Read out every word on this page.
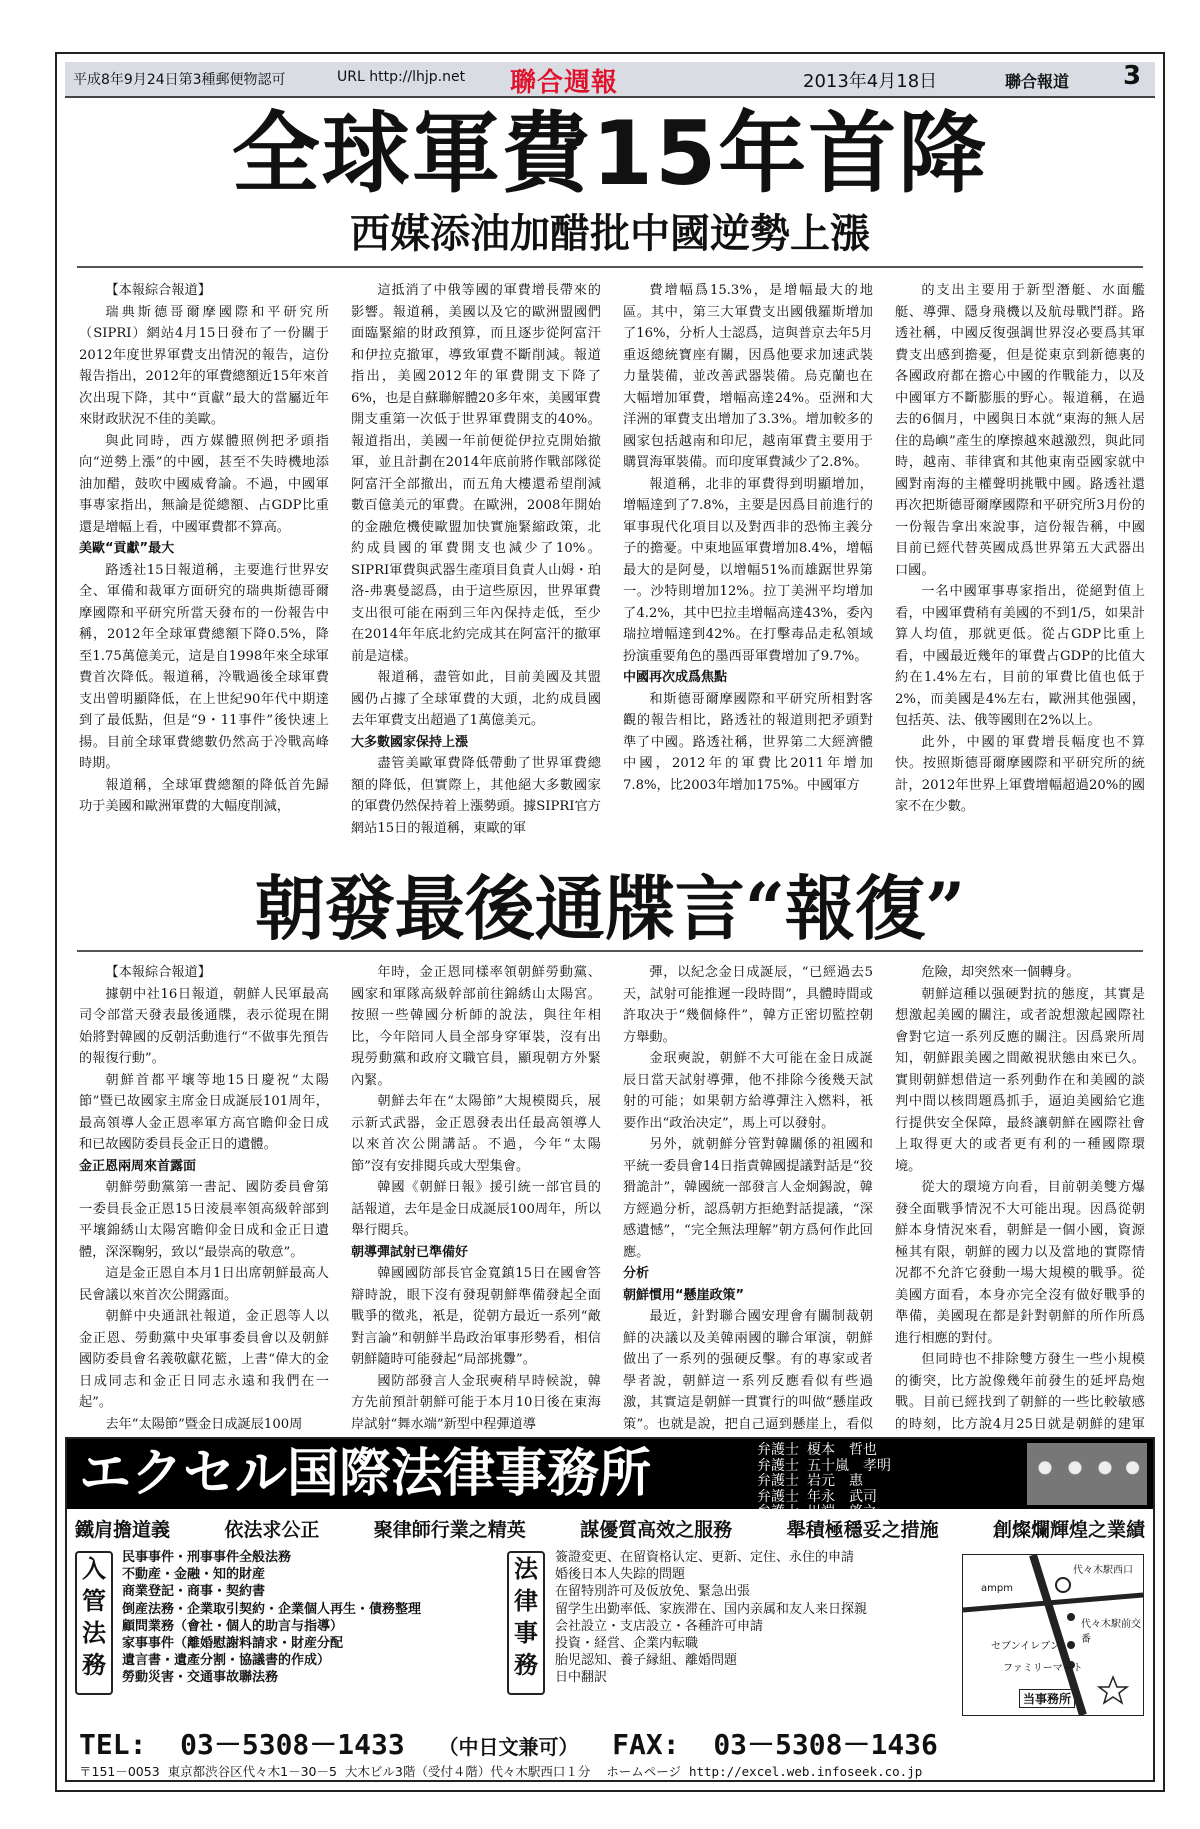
平成8年9月24日第3種郵便物認可	URL http://lhjp.net 聯合週報	2013年4月18日	聯合報道 3
全球軍費15年首降
西媒添油加醋批中國逆勢上漲
【本報綜合報道】
瑞典斯德哥爾摩國際和平研究所（SIPRI）網站4月15日發布了一份關于2012年度世界軍費支出情況的報告，這份報告指出，2012年的軍費總額近15年來首次出現下降，其中“貢獻”最大的當屬近年來財政狀況不佳的美歐。
與此同時，西方媒體照例把矛頭指向“逆勢上漲”的中國，甚至不失時機地添油加醋，鼓吹中國威脅論。不過，中國軍事專家指出，無論是從總額、占GDP比重還是增幅上看，中國軍費都不算高。
美歐“貢獻”最大
路透社15日報道稱，主要進行世界安全、軍備和裁軍方面研究的瑞典斯德哥爾摩國際和平研究所當天發布的一份報告中稱，2012年全球軍費總額下降0.5%，降至1.75萬億美元，這是自1998年來全球軍費首次降低。報道稱，冷戰過後全球軍費支出曾明顯降低，在上世紀90年代中期達到了最低點，但是“9・11事件”後快速上揚。目前全球軍費總數仍然高于冷戰高峰時期。
報道稱，全球軍費總額的降低首先歸功于美國和歐洲軍費的大幅度削減，
這抵消了中俄等國的軍費增長帶來的影響。報道稱，美國以及它的歐洲盟國們面臨緊縮的財政預算，而且逐步從阿富汗和伊拉克撤軍，導致軍費不斷削減。報道指出，美國2012年的軍費開支下降了6%，也是自蘇聯解體20多年來，美國軍費開支重第一次低于世界軍費開支的40%。報道指出，美國一年前便從伊拉克開始撤軍，並且計劃在2014年底前將作戰部隊從阿富汗全部撤出，而五角大樓還希望削減數百億美元的軍費。在歐洲，2008年開始的金融危機使歐盟加快實施緊縮政策，北約成員國的軍費開支也減少了10%。SIPRI軍費與武器生產項目負責人山姆・珀洛-弗裏曼認爲，由于這些原因，世界軍費支出很可能在兩到三年內保持走低，至少在2014年年底北約完成其在阿富汗的撤軍前是這樣。
報道稱，盡管如此，目前美國及其盟國仍占據了全球軍費的大頭，北約成員國去年軍費支出超過了1萬億美元。
大多數國家保持上漲
盡管美歐軍費降低帶動了世界軍費總額的降低，但實際上，其他絕大多數國家的軍費仍然保持着上漲勢頭。據SIPRI官方網站15日的報道稱，東歐的軍
費增幅爲15.3%，是增幅最大的地區。其中，第三大軍費支出國俄羅斯增加了16%，分析人士認爲，這與普京去年5月重返總統寶座有關，因爲他要求加速武裝力量裝備，並改善武器裝備。烏克蘭也在大幅增加軍費，增幅高達24%。亞洲和大洋洲的軍費支出增加了3.3%。增加較多的國家包括越南和印尼，越南軍費主要用于購買海軍裝備。而印度軍費減少了2.8%。
報道稱，北非的軍費得到明顯增加，增幅達到了7.8%，主要是因爲目前進行的軍事現代化項目以及對西非的恐怖主義分子的擔憂。中東地區軍費增加8.4%，增幅最大的是阿曼，以增幅51%而雄踞世界第一。沙特則增加12%。拉丁美洲平均增加了4.2%，其中巴拉圭增幅高達43%，委內瑞拉增幅達到42%。在打擊毒品走私領域扮演重要角色的墨西哥軍費增加了9.7%。
中國再次成爲焦點
和斯德哥爾摩國際和平研究所相對客觀的報告相比，路透社的報道則把矛頭對準了中國。路透社稱，世界第二大經濟體中國，2012年的軍費比2011年增加7.8%，比2003年增加175%。中國軍方
的支出主要用于新型潛艇、水面艦艇、導彈、隱身飛機以及航母戰鬥群。路透社稱，中國反復强調世界沒必要爲其軍費支出感到擔憂，但是從東京到新德裏的各國政府都在擔心中國的作戰能力，以及中國軍方不斷膨脹的野心。報道稱，在過去的6個月，中國與日本就“東海的無人居住的島嶼”產生的摩擦越來越激烈，與此同時，越南、菲律賓和其他東南亞國家就中國對南海的主權聲明挑戰中國。路透社還再次把斯德哥爾摩國際和平研究所3月份的一份報告拿出來說事，這份報告稱，中國目前已經代替英國成爲世界第五大武器出口國。
一名中國軍事專家指出，從絕對值上看，中國軍費稍有美國的不到1/5，如果計算人均值，那就更低。從占GDP比重上看，中國最近幾年的軍費占GDP的比值大約在1.4%左右，目前的軍費比值也低于2%，而美國是4%左右，歐洲其他强國，包括英、法、俄等國則在2%以上。
此外，中國的軍費增長幅度也不算快。按照斯德哥爾摩國際和平研究所的統計，2012年世界上軍費增幅超過20%的國家不在少數。
朝發最後通牒言“報復”
【本報綜合報道】
據朝中社16日報道，朝鮮人民軍最高司令部當天發表最後通牒，表示從現在開始將對韓國的反朝活動進行“不做事先預告的報復行動”。
朝鮮首都平壤等地15日慶祝“太陽節”暨已故國家主席金日成誕辰101周年，最高領導人金正恩率軍方高官瞻仰金日成和已故國防委員長金正日的遺體。
金正恩兩周來首露面
朝鮮勞動黨第一書記、國防委員會第一委員長金正恩15日淩晨率領高級幹部到平壤錦綉山太陽宮瞻仰金日成和金正日遺體，深深鞠躬，致以“最崇高的敬意”。
這是金正恩自本月1日出席朝鮮最高人民會議以來首次公開露面。
朝鮮中央通訊社報道，金正恩等人以金正恩、勞動黨中央軍事委員會以及朝鮮國防委員會名義敬獻花籃，上書“偉大的金日成同志和金正日同志永遠和我們在一起”。
去年“太陽節”暨金日成誕辰100周
年時，金正恩同樣率領朝鮮勞動黨、國家和軍隊高級幹部前往錦綉山太陽宮。按照一些韓國分析師的說法，與往年相比，今年陪同人員全部身穿軍裝，沒有出現勞動黨和政府文職官員，顯現朝方外緊內緊。
朝鮮去年在“太陽節”大規模閱兵，展示新式武器，金正恩發表出任最高領導人以來首次公開講話。不過，今年“太陽節”沒有安排閱兵或大型集會。
韓國《朝鮮日報》援引統一部官員的話報道，去年是金日成誕辰100周年，所以舉行閱兵。
朝導彈試射已準備好
韓國國防部長官金寬鎮15日在國會答辯時說，眼下沒有發現朝鮮準備發起全面戰爭的徵兆，衹是，從朝方最近一系列“敵對言論”和朝鮮半島政治軍事形勢看，相信朝鮮隨時可能發起“局部挑釁”。
國防部發言人金珉奭稍早時候說，韓方先前預計朝鮮可能于本月10日後在東海岸試射“舞水端”新型中程彈道導
彈，以紀念金日成誕辰，“已經過去5天，試射可能推遲一段時間”，具體時間或許取决于“幾個條件”，韓方正密切監控朝方舉動。
金珉奭說，朝鮮不大可能在金日成誕辰日當天試射導彈，他不排除今後幾天試射的可能；如果朝方給導彈注入燃料，衹要作出“政治决定”，馬上可以發射。
另外，就朝鮮分管對韓關係的祖國和平統一委員會14日指責韓國提議對話是“狡猾詭計”，韓國統一部發言人金炯錫說，韓方經過分析，認爲朝方拒絶對話提議，“深感遺憾”，“完全無法理解”朝方爲何作此回應。
分析
朝鮮慣用“懸崖政策”
最近，針對聯合國安理會有關制裁朝鮮的决議以及美韓兩國的聯合軍演，朝鮮做出了一系列的强硬反擊。有的專家或者學者說，朝鮮這一系列反應看似有些過激，其實這是朝鮮一貫實行的叫做“懸崖政策”。也就是說，把自己逼到懸崖上，看似
危險，却突然來一個轉身。
朝鮮這種以强硬對抗的態度，其實是想激起美國的關注，或者說想激起國際社會對它這一系列反應的關注。因爲衆所周知，朝鮮跟美國之間敵視狀態由來已久。實則朝鮮想借這一系列動作在和美國的談判中間以核問題爲抓手，逼迫美國給它進行提供安全保障，最終讓朝鮮在國際社會上取得更大的或者更有利的一種國際環境。
從大的環境方向看，目前朝美雙方爆發全面戰爭情況不大可能出現。因爲從朝鮮本身情況來看，朝鮮是一個小國，資源極其有限，朝鮮的國力以及當地的實際情况都不允許它發動一場大規模的戰爭。從美國方面看，本身亦完全沒有做好戰爭的準備，美國現在都是針對朝鮮的所作所爲進行相應的對付。
但同時也不排除雙方發生一些小規模的衝突，比方說像幾年前發生的延坪島炮戰。目前已經找到了朝鮮的一些比較敏感的時刻，比方說4月25日就是朝鮮的建軍
エクセル国際法律事務所	弁護士 榎本　哲也
弁護士 五十嵐　孝明
弁護士 岩元　惠
弁護士 年永　武司
弁護士 川端　啓之
鐵肩擔道義	依法求公正	聚律師行業之精英	謀優質高效之服務	舉積極穩妥之措施	創燦爛輝煌之業績
入
管
法
務
民事事件・刑事事件全般法務
不動産・金融・知的財産
商業登記・商事・契約書
倒産法務・企業取引契約・企業個人再生・債務整理
顧問業務（會社・個人的助言与指導）
家事事件（離婚慰謝料請求・財産分配
遺言書・遺產分割・協議書的作成）
勞動災害・交通事故聯法務
法
律
事
務
簽證変更、在留資格认定、更新、定住、永住的申請
婚後日本人失踪的問題
在留特別許可及仮放免、緊急出張
留学生出勤率低、家族滞在、国内亲属和友人来日探親
会社設立・支店設立・各種許可申請
投資・経営、企業内転職
胎児認知、養子縁組、離婚問題
日中翻訳
代々木駅西口
ampm
代々木駅前交番
セブンイレブン
ファミリーマート
当事務所
TEL:  03－5308－1433 （中日文兼可） FAX:  03－5308－1436
〒151－0053  東京都渋谷区代々木1－30－5  大木ビル3階（受付４階）代々木駅西口１分 ホームページ http://excel.web.infoseek.co.jp
